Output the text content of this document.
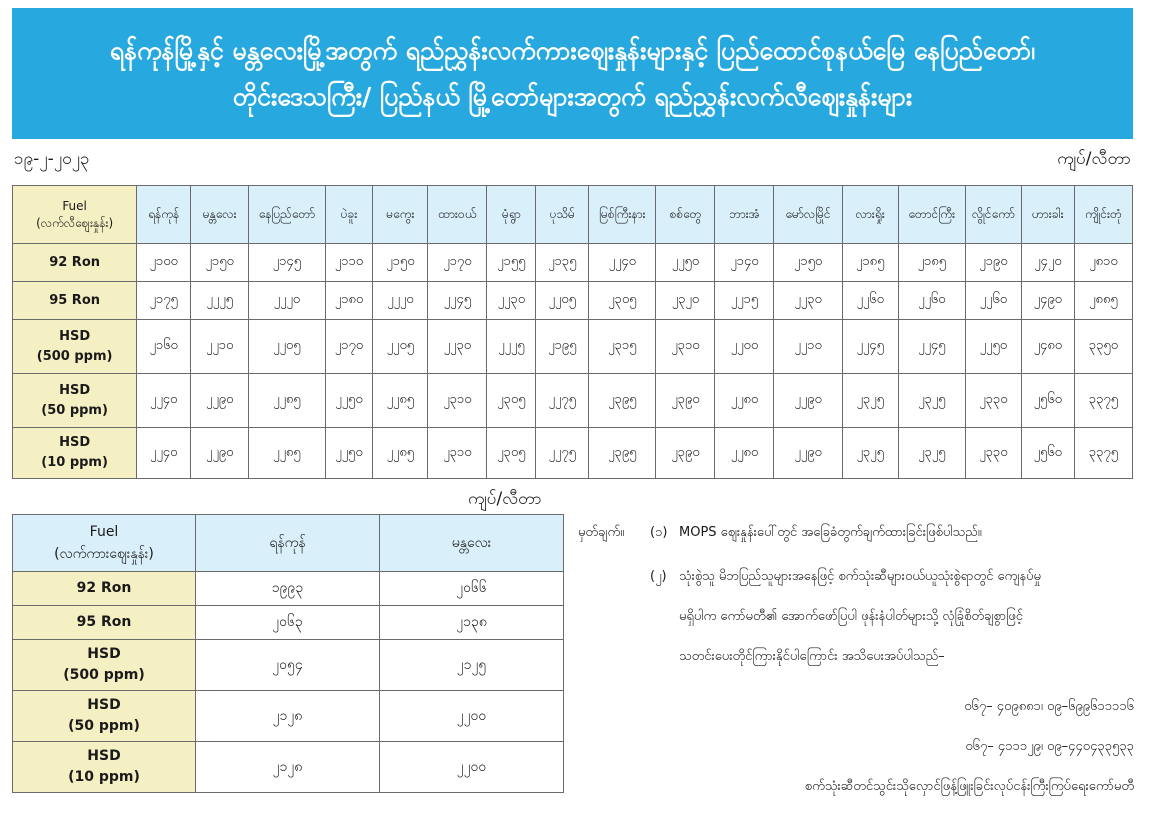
ရန်ကုန်မြို့နှင့် မန္တလေးမြို့အတွက် ရည်ညွှန်းလက်ကားဈေးနှုန်းများနှင့် ပြည်ထောင်စုနယ်မြေ နေပြည်တော်၊
တိုင်းဒေသကြီး/ ပြည်နယ် မြို့တော်များအတွက် ရည်ညွှန်းလက်လီဈေးနှုန်းများ
၁၉-၂-၂၀၂၃	ကျပ်/လီတာ
Fuel
(လက်လီဈေးနှုန်း)	ရန်ကုန်	မန္တလေး	နေပြည်တော်	ပဲခူး	မကွေး	ထားဝယ်	မုံရွာ	ပုသိမ်	မြစ်ကြီးနား	စစ်တွေ	ဘားအံ	မော်လမြိုင်	လားရှိုး	တောင်ကြီး	လွိုင်ကော်	ဟားခါး	ကျိုင်းတုံ

92 Ron	၂၁၀၀	၂၁၅၀	၂၁၄၅	၂၁၁၀	၂၁၅၀	၂၁၇၀	၂၁၅၅	၂၁၃၅	၂၂၄၀	၂၂၅၀	၂၁၄၀	၂၁၅၀	၂၁၈၅	၂၁၈၅	၂၁၉၀	၂၄၂၀	၂၈၁၀

95 Ron	၂၁၇၅	၂၂၂၅	၂၂၂၀	၂၁၈၀	၂၂၂၀	၂၂၄၅	၂၂၃၀	၂၂၀၅	၂၃၀၅	၂၃၂၀	၂၂၁၅	၂၂၃၀	၂၂၆၀	၂၂၆၀	၂၂၆၀	၂၄၉၀	၂၈၈၅

HSD
(500 ppm)	၂၁၆၀	၂၂၁၀	၂၂၀၅	၂၁၇၀	၂၂၀၅	၂၂၃၀	၂၂၂၅	၂၁၉၅	၂၃၁၅	၂၃၁၀	၂၂၀၀	၂၂၁၀	၂၂၄၅	၂၂၄၅	၂၂၅၀	၂၄၈၀	၃၃၅၀

HSD
(50 ppm)	၂၂၄၀	၂၂၉၀	၂၂၈၅	၂၂၅၀	၂၂၈၅	၂၃၁၀	၂၃၀၅	၂၂၇၅	၂၃၉၅	၂၃၉၀	၂၂၈၀	၂၂၉၀	၂၃၂၅	၂၃၂၅	၂၃၃၀	၂၅၆၀	၃၃၇၅

HSD
(10 ppm)	၂၂၄၀	၂၂၉၀	၂၂၈၅	၂၂၅၀	၂၂၈၅	၂၃၁၀	၂၃၀၅	၂၂၇၅	၂၃၉၅	၂၃၉၀	၂၂၈၀	၂၂၉၀	၂၃၂၅	၂၃၂၅	၂၃၃၀	၂၅၆၀	၃၃၇၅
ကျပ်/လီတာ
Fuel
(လက်ကားဈေးနှုန်း)	ရန်ကုန်	မန္တလေး

92 Ron	၁၉၉၃	၂၀၆၆

95 Ron	၂၀၆၃	၂၁၃၈

HSD
(500 ppm)	၂၀၅၄	၂၁၂၅

HSD
(50 ppm)	၂၁၂၈	၂၂၀၀

HSD
(10 ppm)	၂၁၂၈	၂၂၀၀
မှတ်ချက်။ (၁) MOPS ဈေးနှုန်းပေါ်တွင် အခြေခံတွက်ချက်ထားခြင်းဖြစ်ပါသည်။
(၂) သုံးစွဲသူ မိဘပြည်သူများအနေဖြင့် စက်သုံးဆီများဝယ်ယူသုံးစွဲရာတွင် ကျေနပ်မှု
မရှိပါက ကော်မတီ၏ အောက်ဖော်ပြပါ ဖုန်းနံပါတ်များသို့ လုံခြုံစိတ်ချစွာဖြင့်
သတင်းပေးတိုင်ကြားနိုင်ပါကြောင်း အသိပေးအပ်ပါသည်–
၀၆၇– ၄၀၉၈၈၁၊ ၀၉–၆၉၉၆၁၁၁၁၆
၀၆၇– ၄၁၁၁၂၉၊ ၀၉–၄၄၀၄၃၃၅၃၃
စက်သုံးဆီတင်သွင်းသိုလှောင်ဖြန့်ဖြူးခြင်းလုပ်ငန်းကြီးကြပ်ရေးကော်မတီ
